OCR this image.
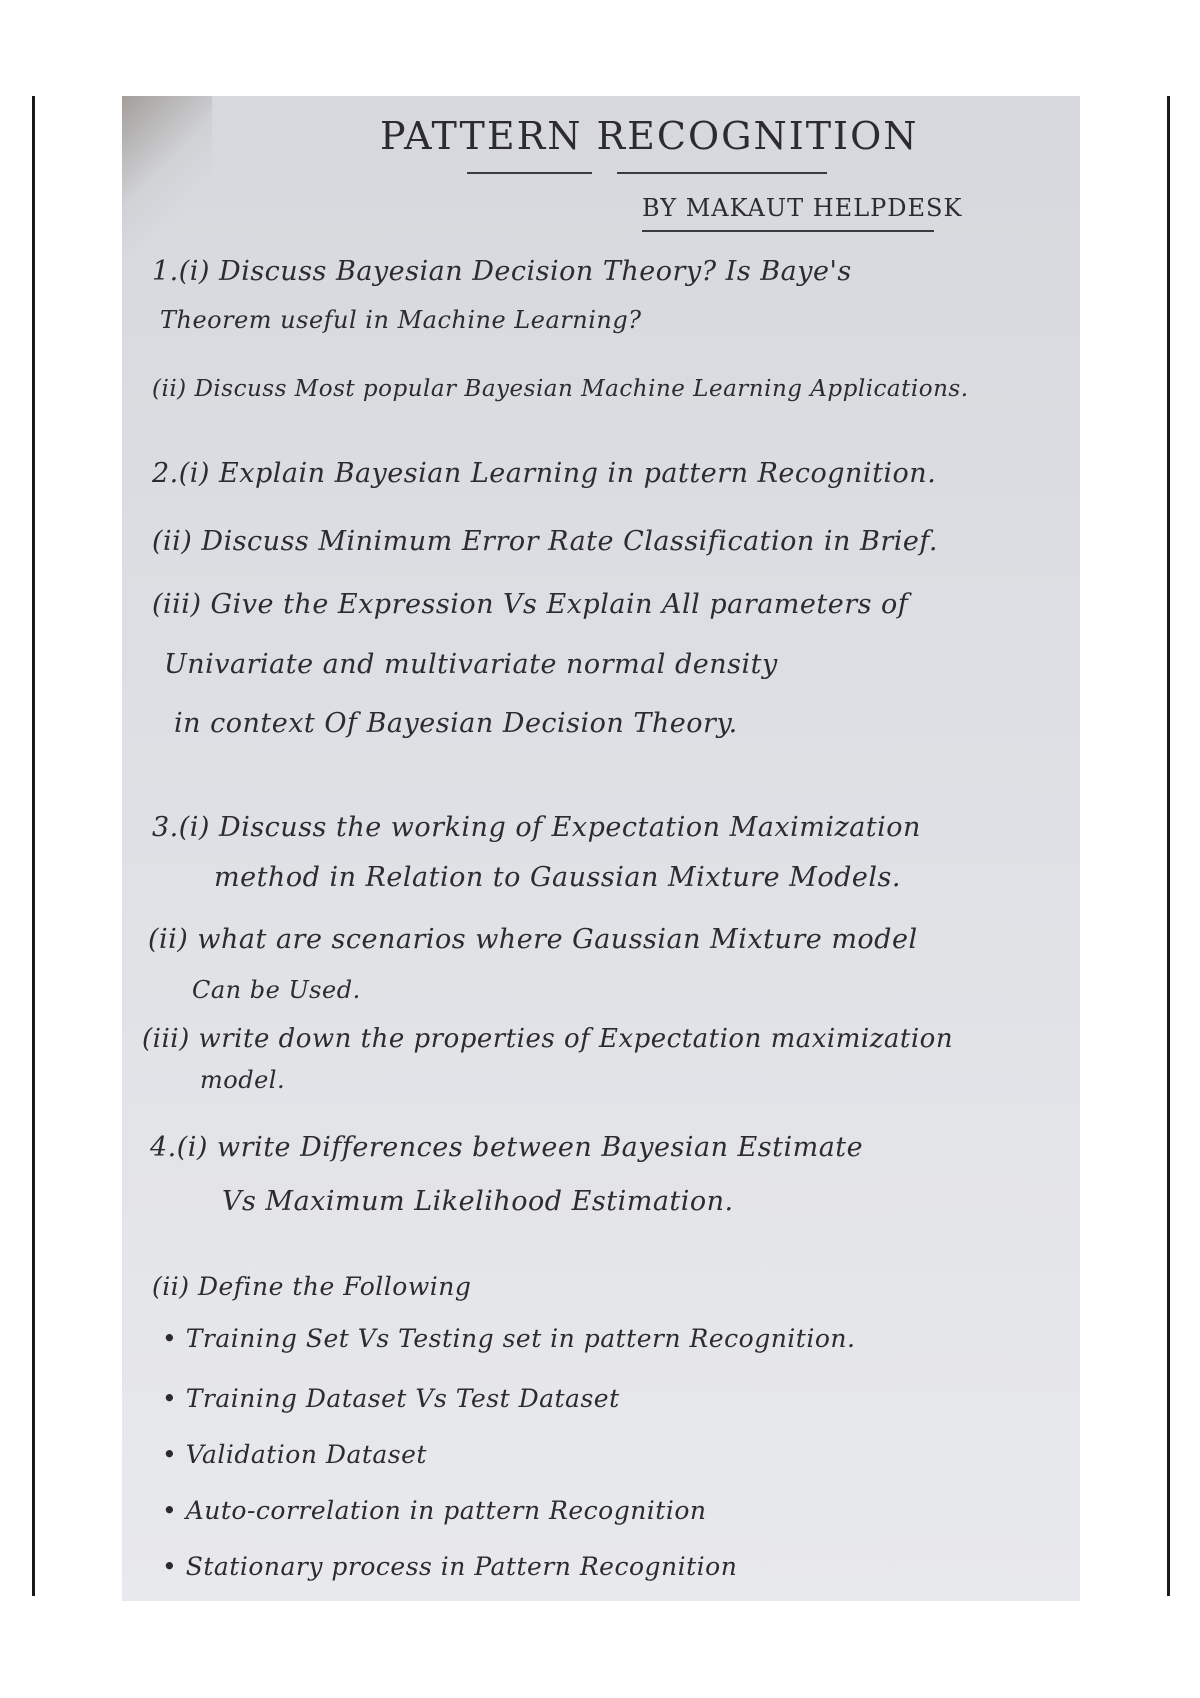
PATTERN RECOGNITION
BY MAKAUT HELPDESK
1.(i) Discuss Bayesian Decision Theory? Is Baye's
Theorem useful in Machine Learning?
(ii) Discuss Most popular Bayesian Machine Learning Applications.
2.(i) Explain Bayesian Learning in pattern Recognition.
(ii) Discuss Minimum Error Rate Classification in Brief.
(iii) Give the Expression Vs Explain All parameters of
Univariate and multivariate normal density
in context Of Bayesian Decision Theory.
3.(i) Discuss the working of Expectation Maximization
method in Relation to Gaussian Mixture Models.
(ii) what are scenarios where Gaussian Mixture model
Can be Used.
(iii) write down the properties of Expectation maximization
model.
4.(i) write Differences between Bayesian Estimate
Vs Maximum Likelihood Estimation.
(ii) Define the Following
• Training Set Vs Testing set in pattern Recognition.
• Training Dataset Vs Test Dataset
• Validation Dataset
• Auto-correlation in pattern Recognition
• Stationary process in Pattern Recognition
